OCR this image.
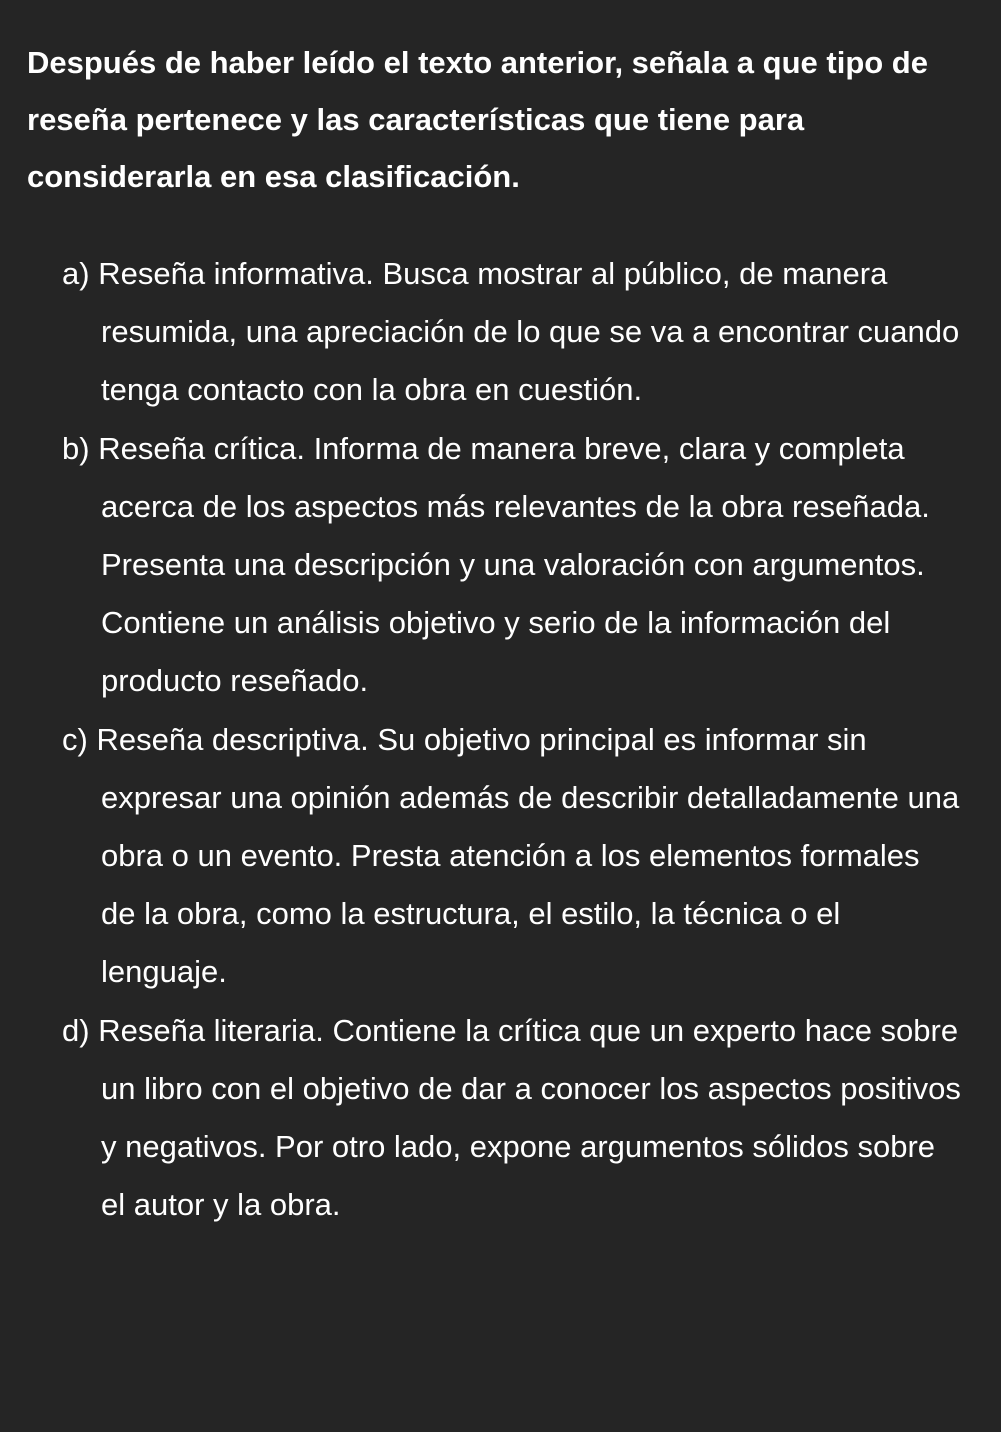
Después de haber leído el texto anterior, señala a que tipo de reseña pertenece y las características que tiene para considerarla en esa clasificación.

a) Reseña informativa. Busca mostrar al público, de manera resumida, una apreciación de lo que se va a encontrar cuando tenga contacto con la obra en cuestión.
b) Reseña crítica. Informa de manera breve, clara y completa acerca de los aspectos más relevantes de la obra reseñada. Presenta una descripción y una valoración con argumentos. Contiene un análisis objetivo y serio de la información del producto reseñado.
c) Reseña descriptiva. Su objetivo principal es informar sin expresar una opinión además de describir detalladamente una obra o un evento. Presta atención a los elementos formales de la obra, como la estructura, el estilo, la técnica o el lenguaje.
d) Reseña literaria. Contiene la crítica que un experto hace sobre un libro con el objetivo de dar a conocer los aspectos positivos y negativos. Por otro lado, expone argumentos sólidos sobre el autor y la obra.
